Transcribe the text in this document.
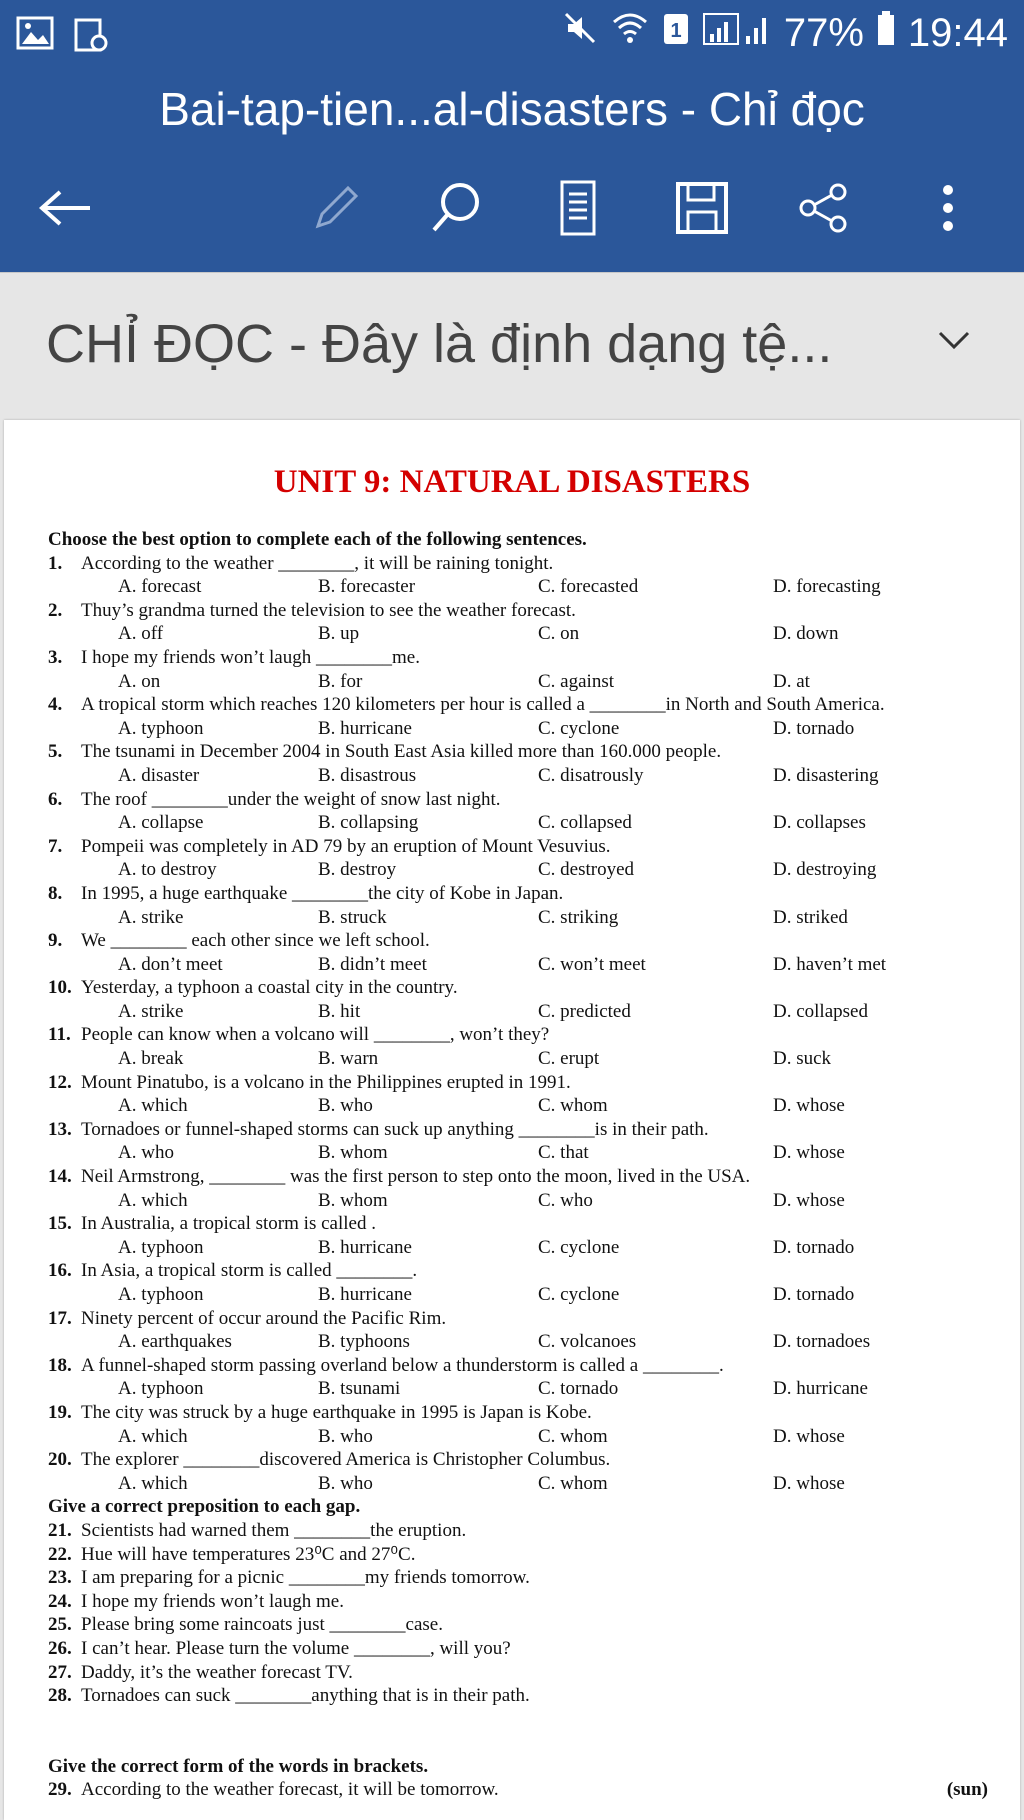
1	77% 19:44
Bai-tap-tien...al-disasters - Chỉ đọc
CHỈ ĐỌC - Đây là định dạng tệ...
UNIT 9: NATURAL DISASTERS
Choose the best option to complete each of the following sentences.
1. According to the weather ________, it will be raining tonight.
A. forecast	B. forecaster	C. forecasted	D. forecasting
2. Thuy’s grandma turned the television to see the weather forecast.
A. off	B. up	C. on	D. down
3. I hope my friends won’t laugh ________me.
A. on	B. for	C. against	D. at
4. A tropical storm which reaches 120 kilometers per hour is called a ________in North and South America.
A. typhoon	B. hurricane	C. cyclone	D. tornado
5. The tsunami in December 2004 in South East Asia killed more than 160.000 people.
A. disaster	B. disastrous	C. disatrously	D. disastering
6. The roof ________under the weight of snow last night.
A. collapse	B. collapsing	C. collapsed	D. collapses
7. Pompeii was completely in AD 79 by an eruption of Mount Vesuvius.
A. to destroy	B. destroy	C. destroyed	D. destroying
8. In 1995, a huge earthquake ________the city of Kobe in Japan.
A. strike	B. struck	C. striking	D. striked
9. We ________ each other since we left school.
A. don’t meet	B. didn’t meet	C. won’t meet	D. haven’t met
10. Yesterday, a typhoon a coastal city in the country.
A. strike	B. hit	C. predicted	D. collapsed
11. People can know when a volcano will ________, won’t they?
A. break	B. warn	C. erupt	D. suck
12. Mount Pinatubo, is a volcano in the Philippines erupted in 1991.
A. which	B. who	C. whom	D. whose
13. Tornadoes or funnel-shaped storms can suck up anything ________is in their path.
A. who	B. whom	C. that	D. whose
14. Neil Armstrong, ________ was the first person to step onto the moon, lived in the USA.
A. which	B. whom	C. who	D. whose
15. In Australia, a tropical storm is called .
A. typhoon	B. hurricane	C. cyclone	D. tornado
16. In Asia, a tropical storm is called ________.
A. typhoon	B. hurricane	C. cyclone	D. tornado
17. Ninety percent of occur around the Pacific Rim.
A. earthquakes	B. typhoons	C. volcanoes	D. tornadoes
18. A funnel-shaped storm passing overland below a thunderstorm is called a ________.
A. typhoon	B. tsunami	C. tornado	D. hurricane
19. The city was struck by a huge earthquake in 1995 is Japan is Kobe.
A. which	B. who	C. whom	D. whose
20. The explorer ________discovered America is Christopher Columbus.
A. which	B. who	C. whom	D. whose
Give a correct preposition to each gap.
21. Scientists had warned them ________the eruption.
22. Hue will have temperatures 23⁰C and 27⁰C.
23. I am preparing for a picnic ________my friends tomorrow.
24. I hope my friends won’t laugh me.
25. Please bring some raincoats just ________case.
26. I can’t hear. Please turn the volume ________, will you?
27. Daddy, it’s the weather forecast TV.
28. Tornadoes can suck ________anything that is in their path.
Give the correct form of the words in brackets.
29. According to the weather forecast, it will be tomorrow.	(sun)
